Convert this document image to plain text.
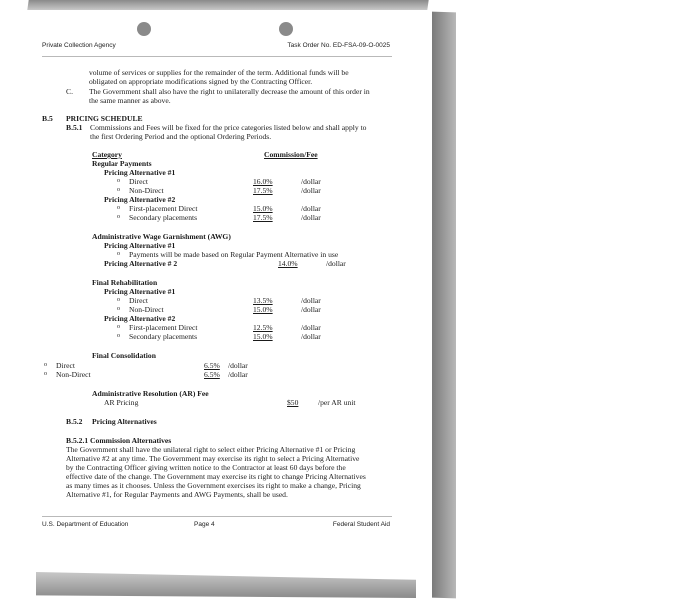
Private Collection Agency	Task Order No. ED-FSA-09-O-0025
volume of services or supplies for the remainder of the term. Additional funds will be
obligated on appropriate modifications signed by the Contracting Officer.
C. The Government shall also have the right to unilaterally decrease the amount of this order in
the same manner as above.
B.5 PRICING SCHEDULE
B.5.1 Commissions and Fees will be fixed for the price categories listed below and shall apply to
the first Ordering Period and the optional Ordering Periods.
Category	Commission/Fee
Regular Payments
Pricing Alternative #1
o Direct	16.0%	/dollar
o Non-Direct	17.5%	/dollar
Pricing Alternative #2
o First-placement Direct	15.0%	/dollar
o Secondary placements	17.5%	/dollar
Administrative Wage Garnishment (AWG)
Pricing Alternative #1
o Payments will be made based on Regular Payment Alternative in use
Pricing Alternative # 2	14.0%	/dollar
Final Rehabilitation
Pricing Alternative #1
o Direct	13.5%	/dollar
o Non-Direct	15.0%	/dollar
Pricing Alternative #2
o First-placement Direct	12.5%	/dollar
o Secondary placements	15.0%	/dollar
Final Consolidation
o Direct	6.5% /dollar
o Non-Direct	6.5% /dollar
Administrative Resolution (AR) Fee
AR Pricing	$50	/per AR unit
B.5.2 Pricing Alternatives
B.5.2.1 Commission Alternatives
The Government shall have the unilateral right to select either Pricing Alternative #1 or Pricing
Alternative #2 at any time. The Government may exercise its right to select a Pricing Alternative
by the Contracting Officer giving written notice to the Contractor at least 60 days before the
effective date of the change. The Government may exercise its right to change Pricing Alternatives
as many times as it chooses. Unless the Government exercises its right to make a change, Pricing
Alternative #1, for Regular Payments and AWG Payments, shall be used.
U.S. Department of Education	Page 4	Federal Student Aid
